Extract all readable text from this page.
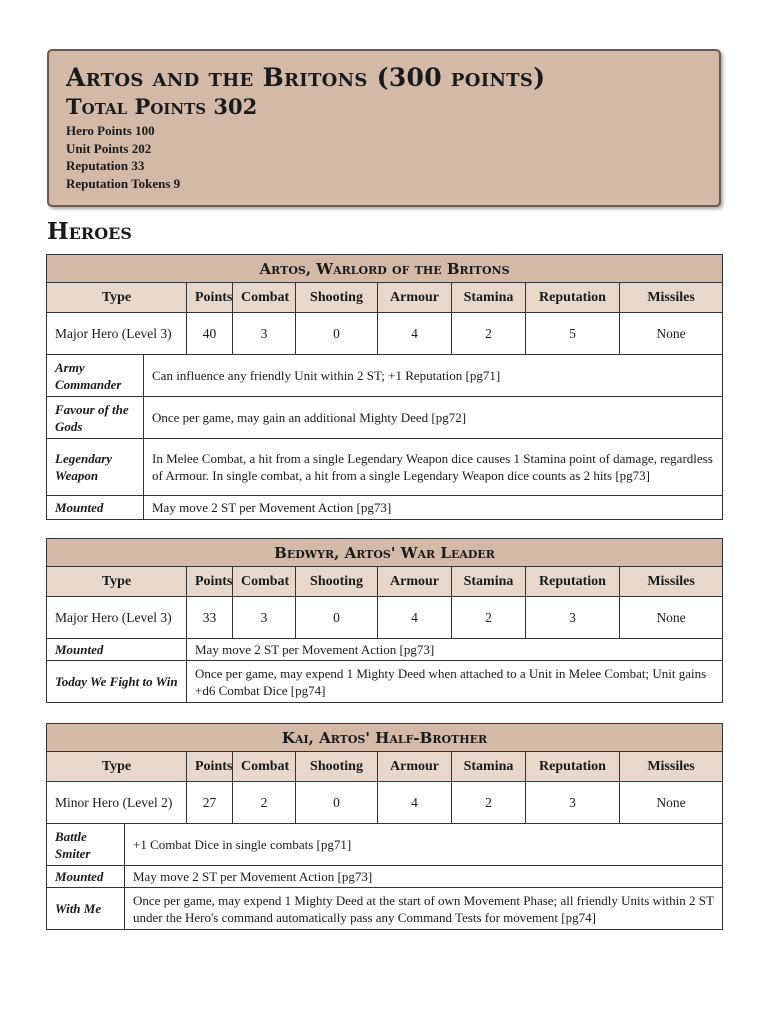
Artos and the Britons (300 points)
Total Points 302
Hero Points 100
Unit Points 202
Reputation 33
Reputation Tokens 9
Heroes
Artos, Warlord of the Britons								
Type		Points	Combat	Shooting	Armour	Stamina	Reputation	Missiles
Major Hero (Level 3)		40	3	0	4	2	5	None
Army Commander	Can influence any friendly Unit within 2 ST; +1 Reputation [pg71]							
Favour of the Gods	Once per game, may gain an additional Mighty Deed [pg72]							
Legendary Weapon	In Melee Combat, a hit from a single Legendary Weapon dice causes 1 Stamina point of damage, regardless of Armour. In single combat, a hit from a single Legendary Weapon dice counts as 2 hits [pg73]							
Mounted	May move 2 ST per Movement Action [pg73]							
Bedwyr, Artos' War Leader							
Type	Points	Combat	Shooting	Armour	Stamina	Reputation	Missiles
Major Hero (Level 3)	33	3	0	4	2	3	None
Mounted	May move 2 ST per Movement Action [pg73]						
Today We Fight to Win	Once per game, may expend 1 Mighty Deed when attached to a Unit in Melee Combat; Unit gains +d6 Combat Dice [pg74]						
Kai, Artos' Half-Brother								
Type		Points	Combat	Shooting	Armour	Stamina	Reputation	Missiles
Minor Hero (Level 2)		27	2	0	4	2	3	None
Battle Smiter	+1 Combat Dice in single combats [pg71]							
Mounted	May move 2 ST per Movement Action [pg73]							
With Me	Once per game, may expend 1 Mighty Deed at the start of own Movement Phase; all friendly Units within 2 ST under the Hero's command automatically pass any Command Tests for movement [pg74]							
